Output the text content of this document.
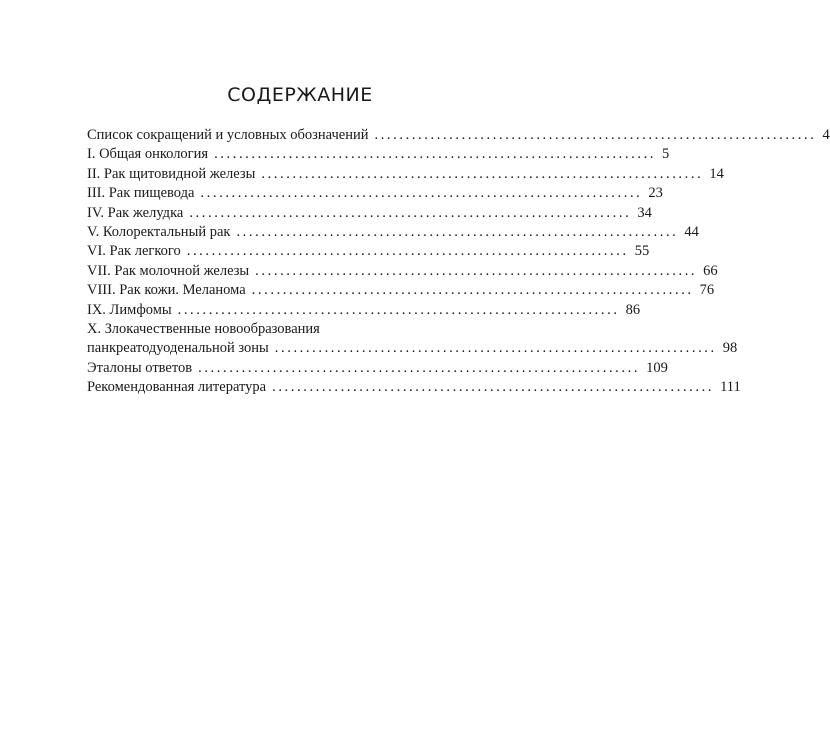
СОДЕРЖАНИЕ
Список сокращений и условных обозначений ....................................................................... 4
I. Общая онкология ....................................................................... 5
II. Рак щитовидной железы ....................................................................... 14
III. Рак пищевода ....................................................................... 23
IV. Рак желудка ....................................................................... 34
V. Колоректальный рак ....................................................................... 44
VI. Рак легкого ....................................................................... 55
VII. Рак молочной железы ....................................................................... 66
VIII. Рак кожи. Меланома ....................................................................... 76
IX. Лимфомы ....................................................................... 86
X. Злокачественные новообразования
панкреатодуоденальной зоны ....................................................................... 98
Эталоны ответов ....................................................................... 109
Рекомендованная литература ....................................................................... 111
